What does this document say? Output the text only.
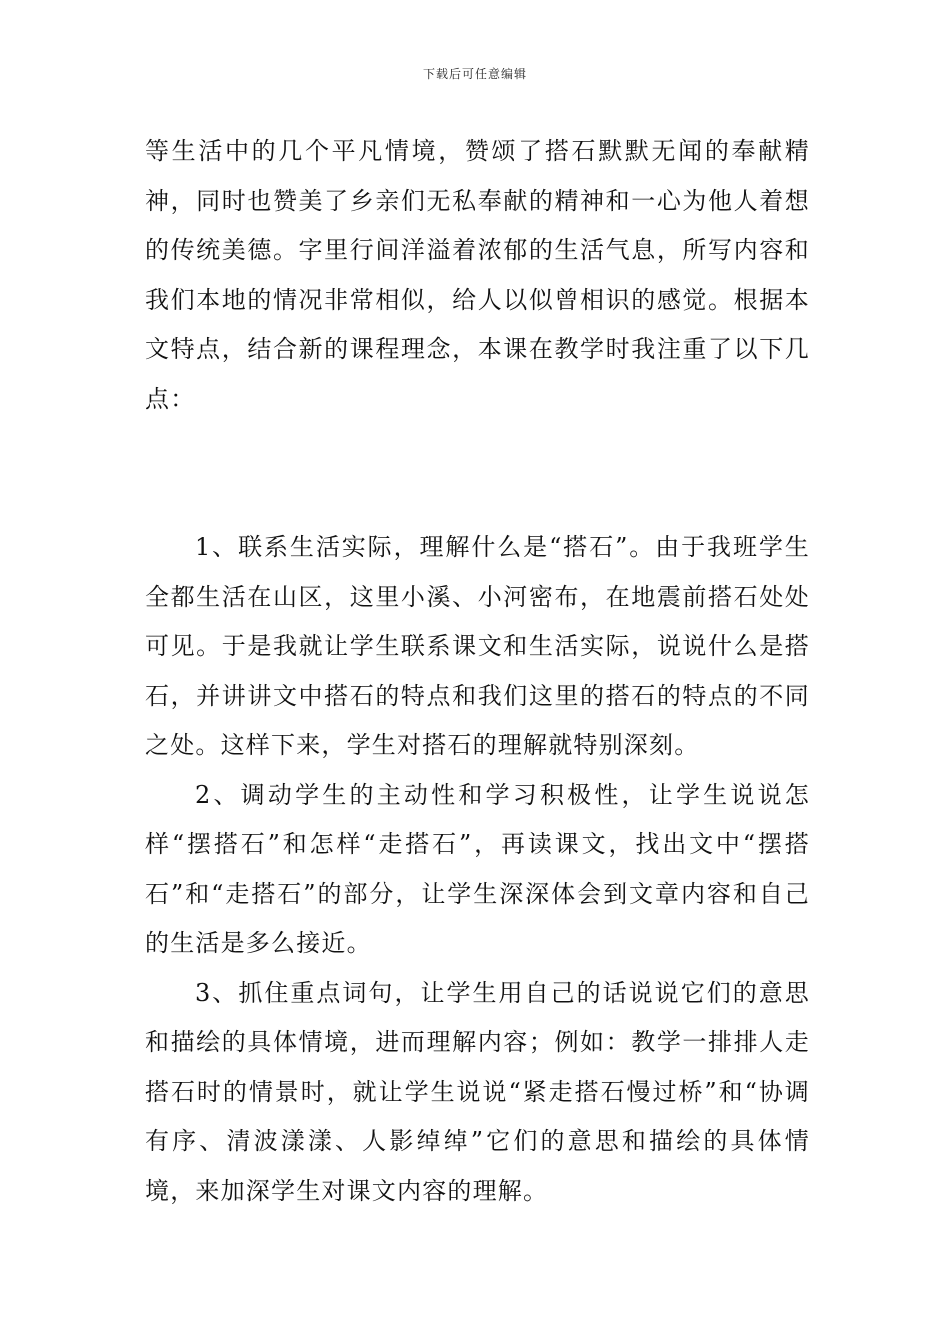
下载后可任意编辑

等生活中的几个平凡情境，赞颂了搭石默默无闻的奉献精神，同时也赞美了乡亲们无私奉献的精神和一心为他人着想的传统美德。字里行间洋溢着浓郁的生活气息，所写内容和我们本地的情况非常相似，给人以似曾相识的感觉。根据本文特点，结合新的课程理念，本课在教学时我注重了以下几点：

1、联系生活实际，理解什么是“搭石”。由于我班学生全都生活在山区，这里小溪、小河密布，在地震前搭石处处可见。于是我就让学生联系课文和生活实际，说说什么是搭石，并讲讲文中搭石的特点和我们这里的搭石的特点的不同之处。这样下来，学生对搭石的理解就特别深刻。

2、调动学生的主动性和学习积极性，让学生说说怎样“摆搭石”和怎样“走搭石”，再读课文，找出文中“摆搭石”和“走搭石”的部分，让学生深深体会到文章内容和自己的生活是多么接近。

3、抓住重点词句，让学生用自己的话说说它们的意思和描绘的具体情境，进而理解内容；例如：教学一排排人走搭石时的情景时，就让学生说说“紧走搭石慢过桥”和“协调有序、清波漾漾、人影绰绰”它们的意思和描绘的具体情境，来加深学生对课文内容的理解。
